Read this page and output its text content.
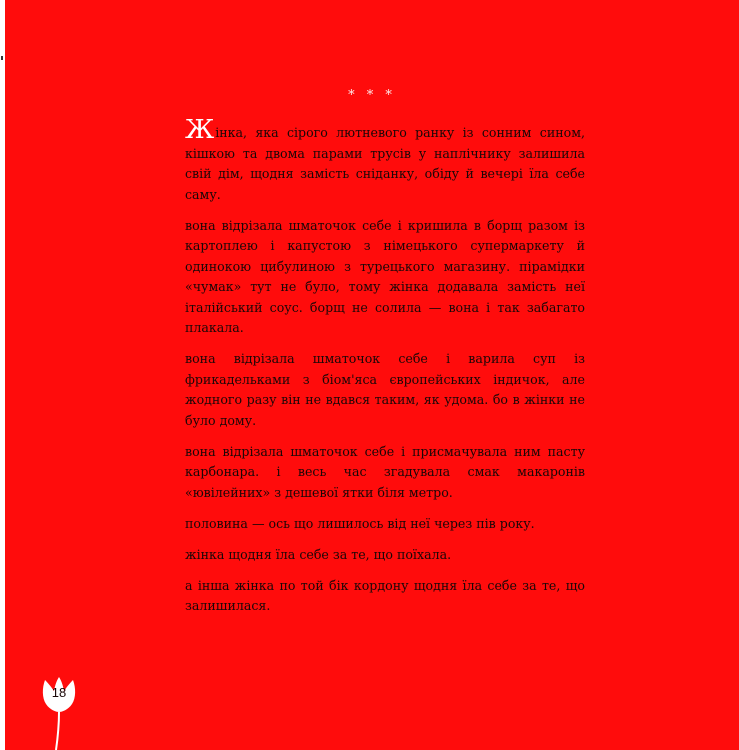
* * *

Жінка, яка сірого лютневого ранку із сонним сином, кішкою та двома парами трусів у наплічнику залишила свій дім, щодня замість сніданку, обіду й вечері їла себе саму.

вона відрізала шматочок себе і кришила в борщ разом із картоплею і капустою з німецького супермаркету й одинокою цибулиною з турецького магазину. пірамідки «чумак» тут не було, тому жінка додавала замість неї італійський соус. борщ не солила — вона і так забагато плакала.

вона відрізала шматочок себе і варила суп із фрикадельками з біом'яса європейських індичок, але жодного разу він не вдався таким, як удома. бо в жінки не було дому.

вона відрізала шматочок себе і присмачувала ним пасту карбонара. і весь час згадувала смак макаронів «ювілейних» з дешевої ятки біля метро.

половина — ось що лишилось від неї через пів року.

жінка щодня їла себе за те, що поїхала.

а інша жінка по той бік кордону щодня їла себе за те, що залишилася.

18
